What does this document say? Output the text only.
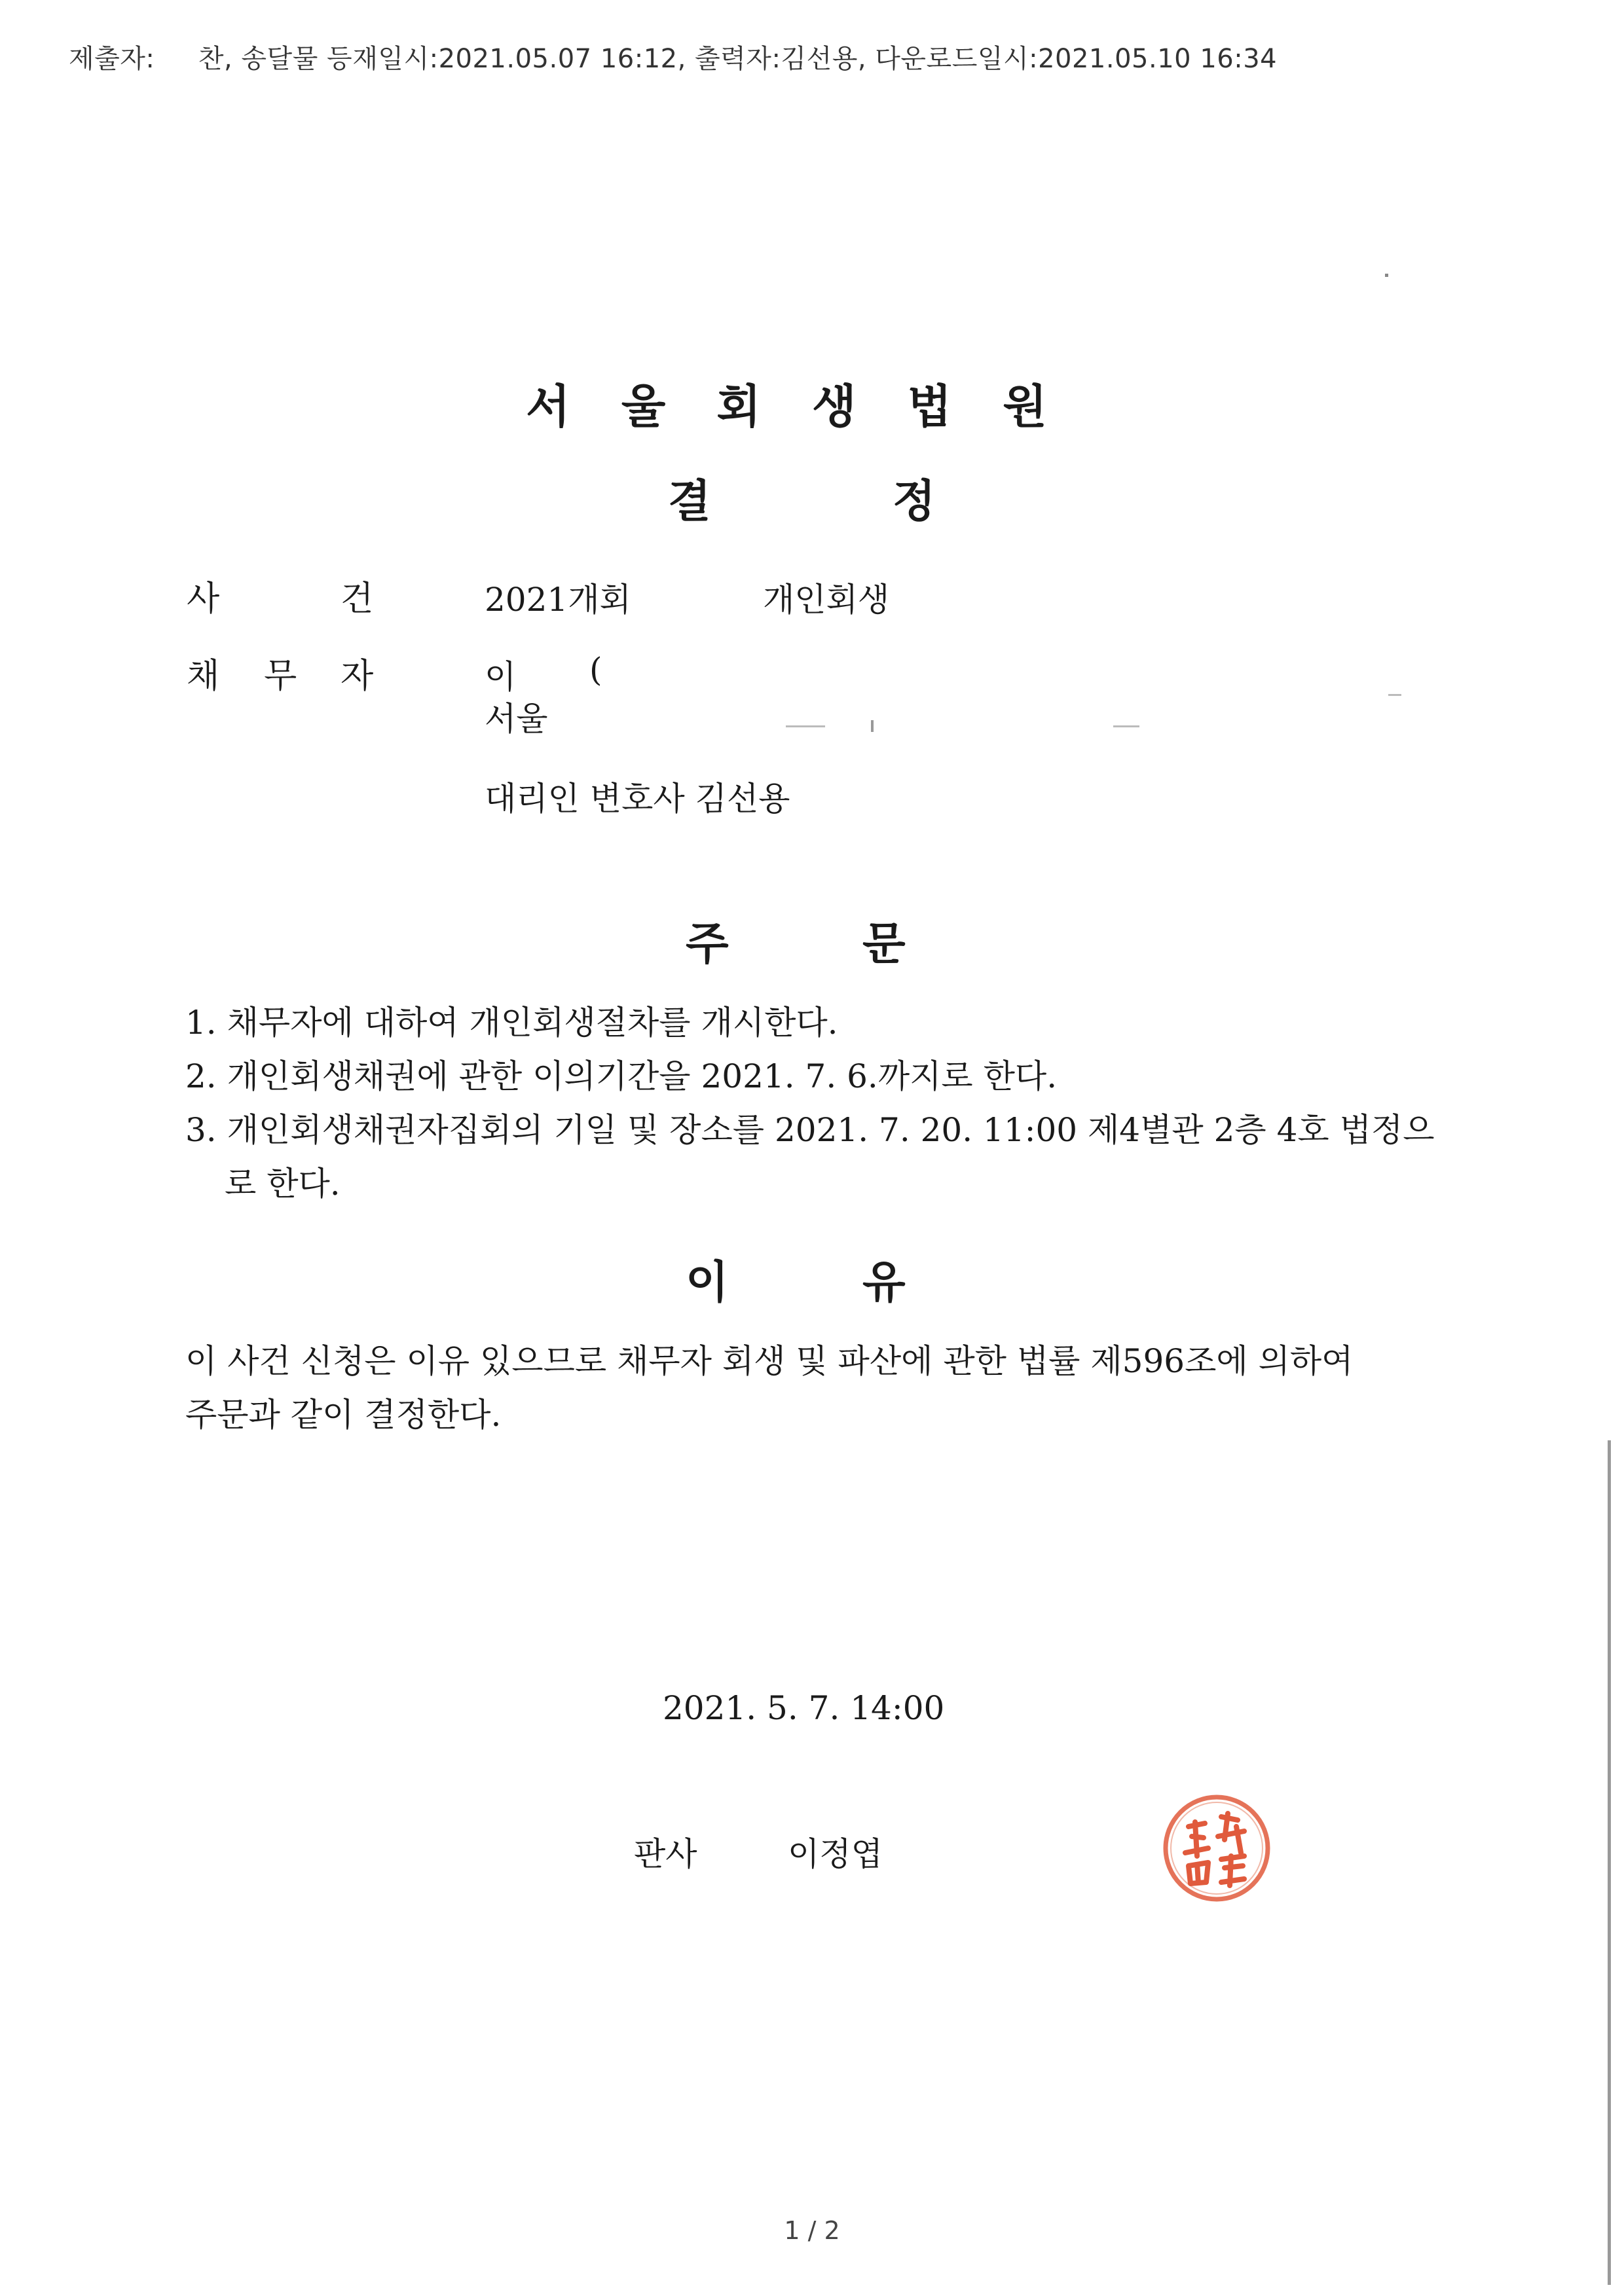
제출자: 찬, 송달물 등재일시:2021.05.07 16:12, 출력자:김선용, 다운로드일시:2021.05.10 16:34
서울회생법원
결	정
사	건	2021개회	개인회생
채 무 자	이 (
서울
대리인 변호사 김선용
주	문
1. 채무자에 대하여 개인회생절차를 개시한다.
2. 개인회생채권에 관한 이의기간을 2021. 7. 6.까지로 한다.
3. 개인회생채권자집회의 기일 및 장소를 2021. 7. 20. 11:00 제4별관 2층 4호 법정으
로 한다.
이	유
이 사건 신청은 이유 있으므로 채무자 회생 및 파산에 관한 법률 제596조에 의하여
주문과 같이 결정한다.
2021. 5. 7. 14:00
판사	이정엽
1 / 2
